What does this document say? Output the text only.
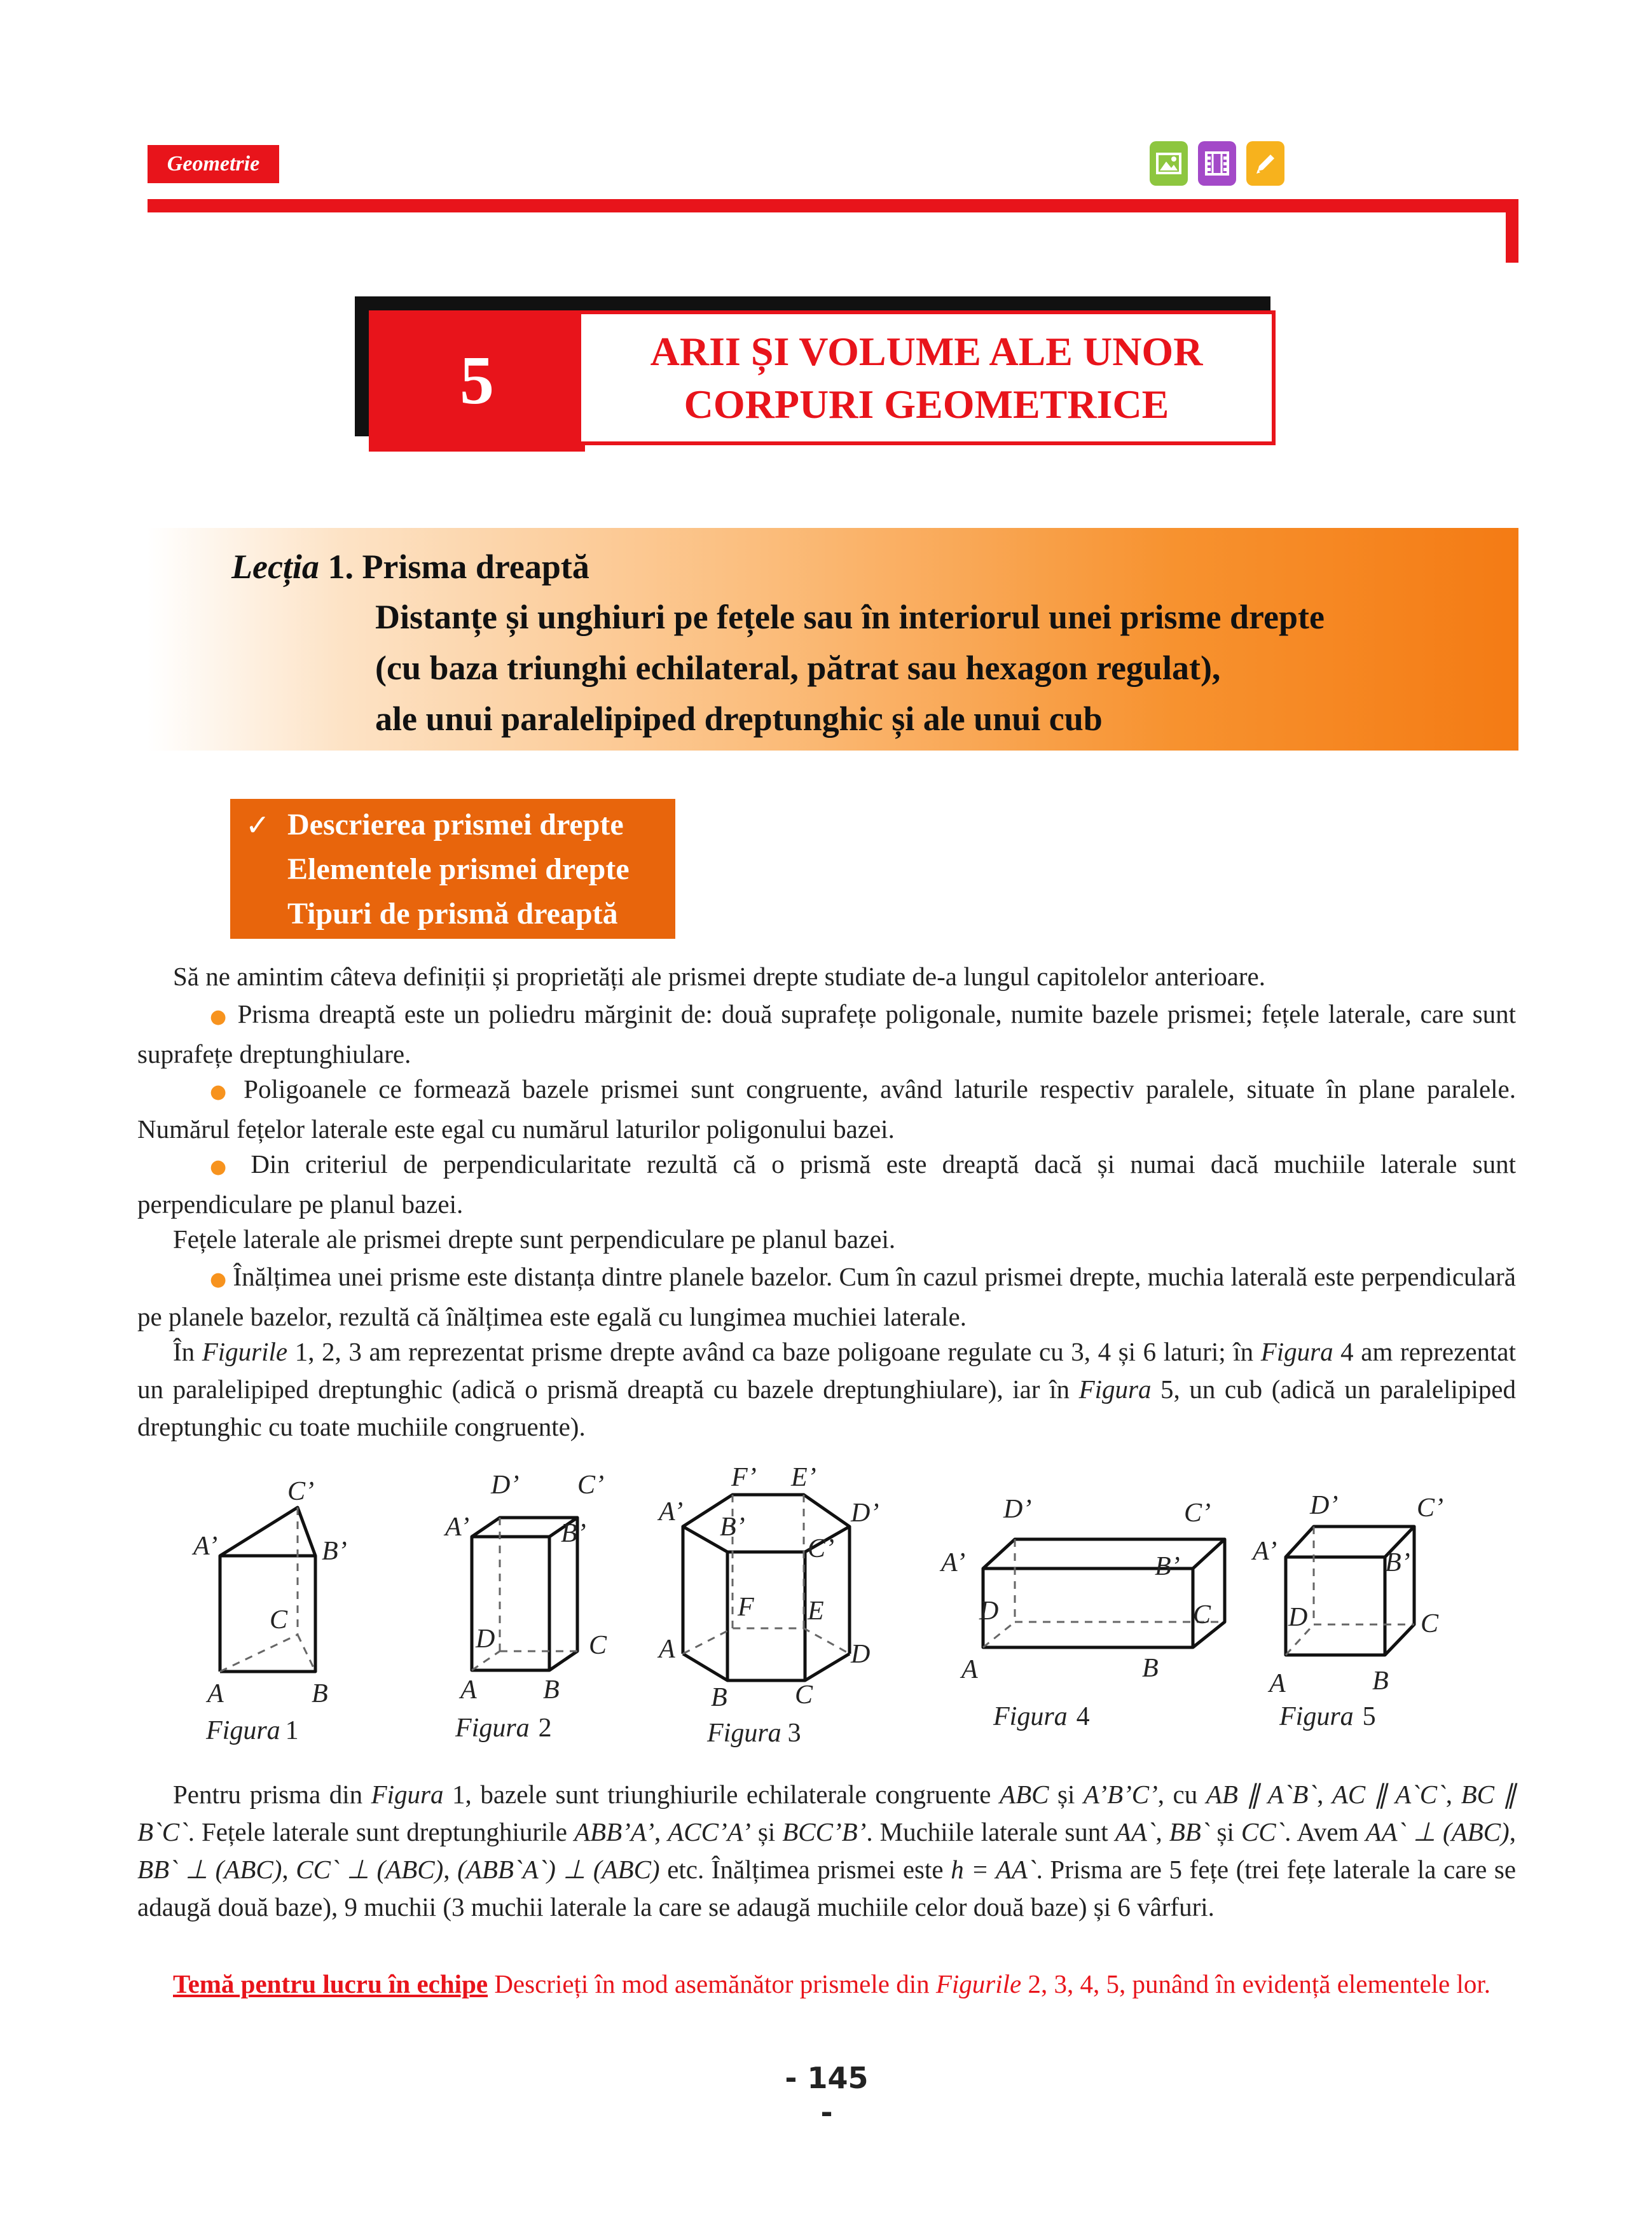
Geometrie
5	ARII ȘI VOLUME ALE UNOR
CORPURI GEOMETRICE
Lecția 1. Prisma dreaptă
Distanțe și unghiuri pe fețele sau în interiorul unei prisme drepte
(cu baza triunghi echilateral, pătrat sau hexagon regulat),
ale unui paralelipiped dreptunghic și ale unui cub
✓ Descrierea prismei drepte
Elementele prismei drepte
Tipuri de prismă dreaptă
Să ne amintim câteva definiții și proprietăți ale prismei drepte studiate de-a lungul capitolelor anterioare.
● Prisma dreaptă este un poliedru mărginit de: două suprafețe poligonale, numite bazele prismei; fețele laterale, care sunt suprafețe dreptunghiulare.
● Poligoanele ce formează bazele prismei sunt congruente, având laturile respectiv paralele, situate în plane paralele. Numărul fețelor laterale este egal cu numărul laturilor poligonului bazei.
● Din criteriul de perpendicularitate rezultă că o prismă este dreaptă dacă și numai dacă muchiile laterale sunt perpendiculare pe planul bazei.
Fețele laterale ale prismei drepte sunt perpendiculare pe planul bazei.
● Înălțimea unei prisme este distanța dintre planele bazelor. Cum în cazul prismei drepte, muchia laterală este perpendiculară pe planele bazelor, rezultă că înălțimea este egală cu lungimea muchiei laterale.
În Figurile 1, 2, 3 am reprezentat prisme drepte având ca baze poligoane regulate cu 3, 4 și 6 laturi; în Figura 4 am reprezentat un paralelipiped dreptunghic (adică o prismă dreaptă cu bazele dreptunghiulare), iar în Figura 5, un cub (adică un paralelipiped dreptunghic cu toate muchiile congruente).
C’
A’	B’
C
A	B
D’ C’
A’	B’
D	C
A B
F’ E’
A’	D’
B’
C’
F E
A	D
B	C
D’	C’
A’	B’
D	C
A	B
D’	C’
A’	B’
D	C
A	B
Figura 1	Figura 2	Figura 3
Figura 4	Figura 5
Pentru prisma din Figura 1, bazele sunt triunghiurile echilaterale congruente ABC și A’B’C’, cu AB ∥ A`B`, AC ∥ A`C`, BC ∥ B`C`. Fețele laterale sunt dreptunghiurile ABB’A’, ACC’A’ și BCC’B’. Muchiile laterale sunt AA`, BB` și CC`. Avem AA` ⊥ (ABC), BB` ⊥ (ABC), CC` ⊥ (ABC), (ABB`A`) ⊥ (ABC) etc. Înălțimea prismei este h = AA`. Prisma are 5 fețe (trei fețe laterale la care se adaugă două baze), 9 muchii (3 muchii laterale la care se adaugă muchiile celor două baze) și 6 vârfuri.
Temă pentru lucru în echipe Descrieți în mod asemănător prismele din Figurile 2, 3, 4, 5, punând în evidență elementele lor.
- 145 -
